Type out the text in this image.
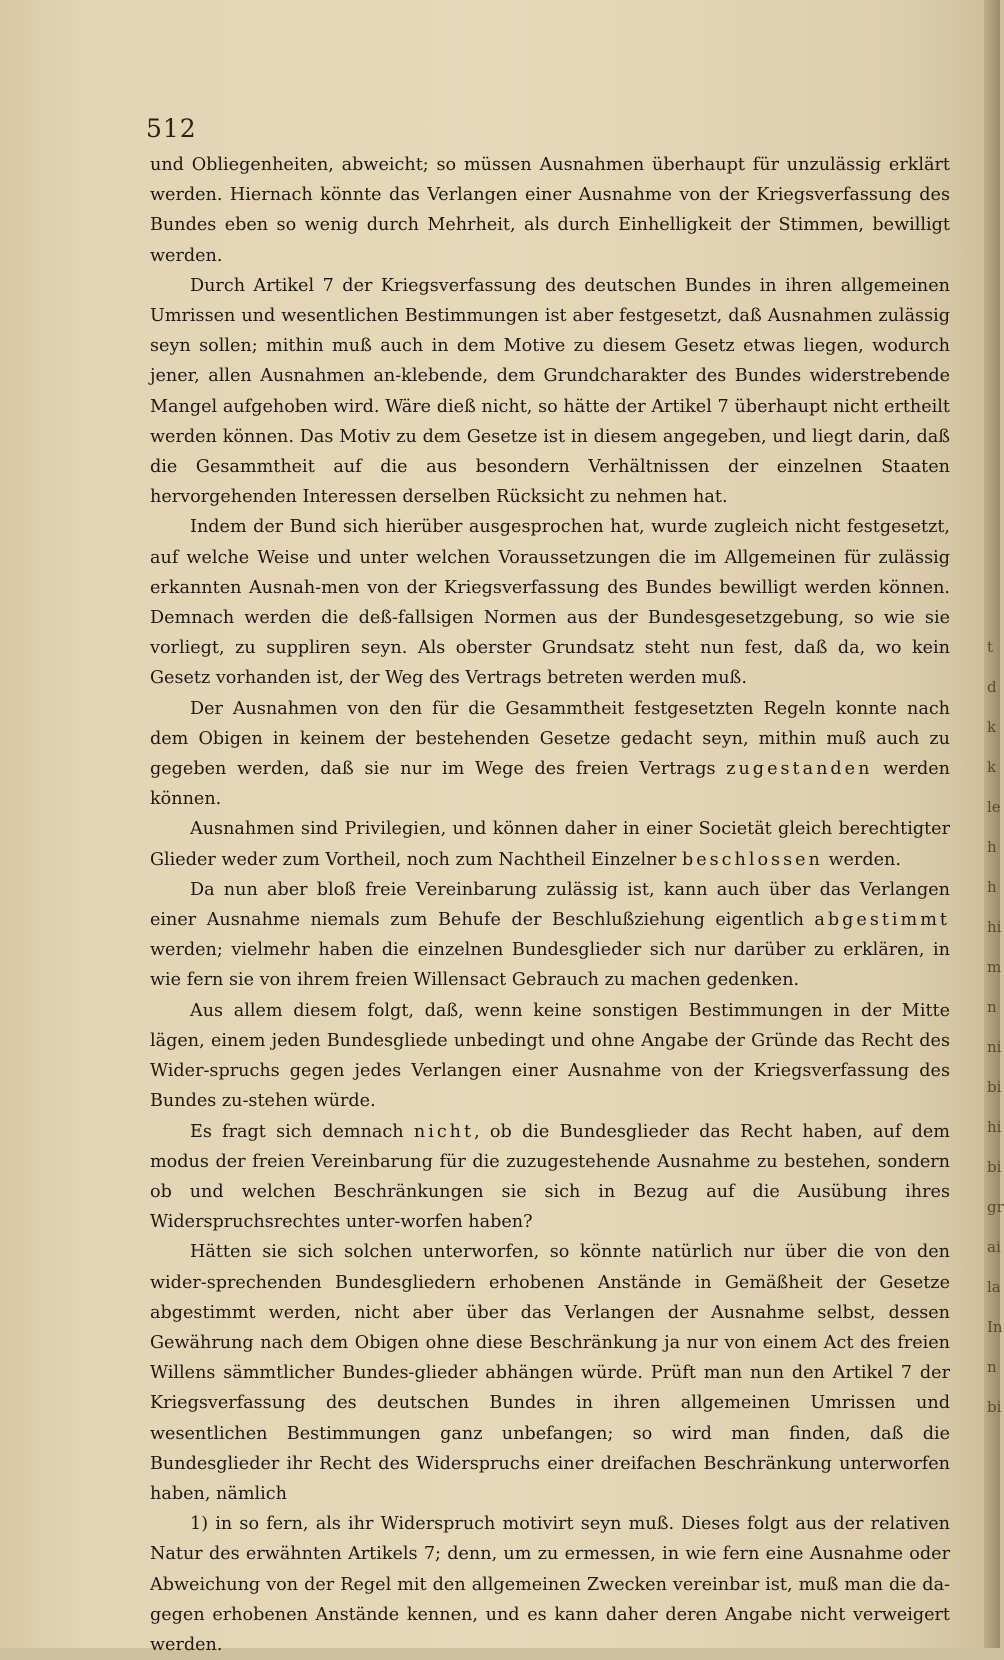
512

und Obliegenheiten, abweicht; so müssen Ausnahmen überhaupt für unzulässig erklärt werden. Hiernach könnte das Verlangen einer Ausnahme von der Kriegsverfassung des Bundes eben so wenig durch Mehrheit, als durch Einhelligkeit der Stimmen, bewilligt werden.

Durch Artikel 7 der Kriegsverfassung des deutschen Bundes in ihren allgemeinen Umrissen und wesentlichen Bestimmungen ist aber festgesetzt, daß Ausnahmen zulässig seyn sollen; mithin muß auch in dem Motive zu diesem Gesetz etwas liegen, wodurch jener, allen Ausnahmen an-klebende, dem Grundcharakter des Bundes widerstrebende Mangel aufgehoben wird. Wäre dieß nicht, so hätte der Artikel 7 überhaupt nicht ertheilt werden können. Das Motiv zu dem Gesetze ist in diesem angegeben, und liegt darin, daß die Gesammtheit auf die aus besondern Verhältnissen der einzelnen Staaten hervorgehenden Interessen derselben Rücksicht zu nehmen hat.

Indem der Bund sich hierüber ausgesprochen hat, wurde zugleich nicht festgesetzt, auf welche Weise und unter welchen Voraussetzungen die im Allgemeinen für zulässig erkannten Ausnah-men von der Kriegsverfassung des Bundes bewilligt werden können. Demnach werden die deß-fallsigen Normen aus der Bundesgesetzgebung, so wie sie vorliegt, zu suppliren seyn. Als oberster Grundsatz steht nun fest, daß da, wo kein Gesetz vorhanden ist, der Weg des Vertrags betreten werden muß.

Der Ausnahmen von den für die Gesammtheit festgesetzten Regeln konnte nach dem Obigen in keinem der bestehenden Gesetze gedacht seyn, mithin muß auch zu gegeben werden, daß sie nur im Wege des freien Vertrags zugestanden werden können.

Ausnahmen sind Privilegien, und können daher in einer Societät gleich berechtigter Glieder weder zum Vortheil, noch zum Nachtheil Einzelner beschlossen werden.

Da nun aber bloß freie Vereinbarung zulässig ist, kann auch über das Verlangen einer Ausnahme niemals zum Behufe der Beschlußziehung eigentlich abgestimmt werden; vielmehr haben die einzelnen Bundesglieder sich nur darüber zu erklären, in wie fern sie von ihrem freien Willensact Gebrauch zu machen gedenken.

Aus allem diesem folgt, daß, wenn keine sonstigen Bestimmungen in der Mitte lägen, einem jeden Bundesgliede unbedingt und ohne Angabe der Gründe das Recht des Wider-spruchs gegen jedes Verlangen einer Ausnahme von der Kriegsverfassung des Bundes zu-stehen würde.

Es fragt sich demnach nicht, ob die Bundesglieder das Recht haben, auf dem modus der freien Vereinbarung für die zuzugestehende Ausnahme zu bestehen, sondern ob und welchen Beschränkungen sie sich in Bezug auf die Ausübung ihres Widerspruchsrechtes unter-worfen haben?

Hätten sie sich solchen unterworfen, so könnte natürlich nur über die von den wider-sprechenden Bundesgliedern erhobenen Anstände in Gemäßheit der Gesetze abgestimmt werden, nicht aber über das Verlangen der Ausnahme selbst, dessen Gewährung nach dem Obigen ohne diese Beschränkung ja nur von einem Act des freien Willens sämmtlicher Bundes-glieder abhängen würde. Prüft man nun den Artikel 7 der Kriegsverfassung des deutschen Bundes in ihren allgemeinen Umrissen und wesentlichen Bestimmungen ganz unbefangen; so wird man finden, daß die Bundesglieder ihr Recht des Widerspruchs einer dreifachen Beschränkung unterworfen haben, nämlich

1) in so fern, als ihr Widerspruch motivirt seyn muß. Dieses folgt aus der relativen Natur des erwähnten Artikels 7; denn, um zu ermessen, in wie fern eine Ausnahme oder Abweichung von der Regel mit den allgemeinen Zwecken vereinbar ist, muß man die da-gegen erhobenen Anstände kennen, und es kann daher deren Angabe nicht verweigert werden.

t
d
k
k
le
h
h
hi
m
n
ni
bi
hi
bi
gr
ai
la
In
n
bi
